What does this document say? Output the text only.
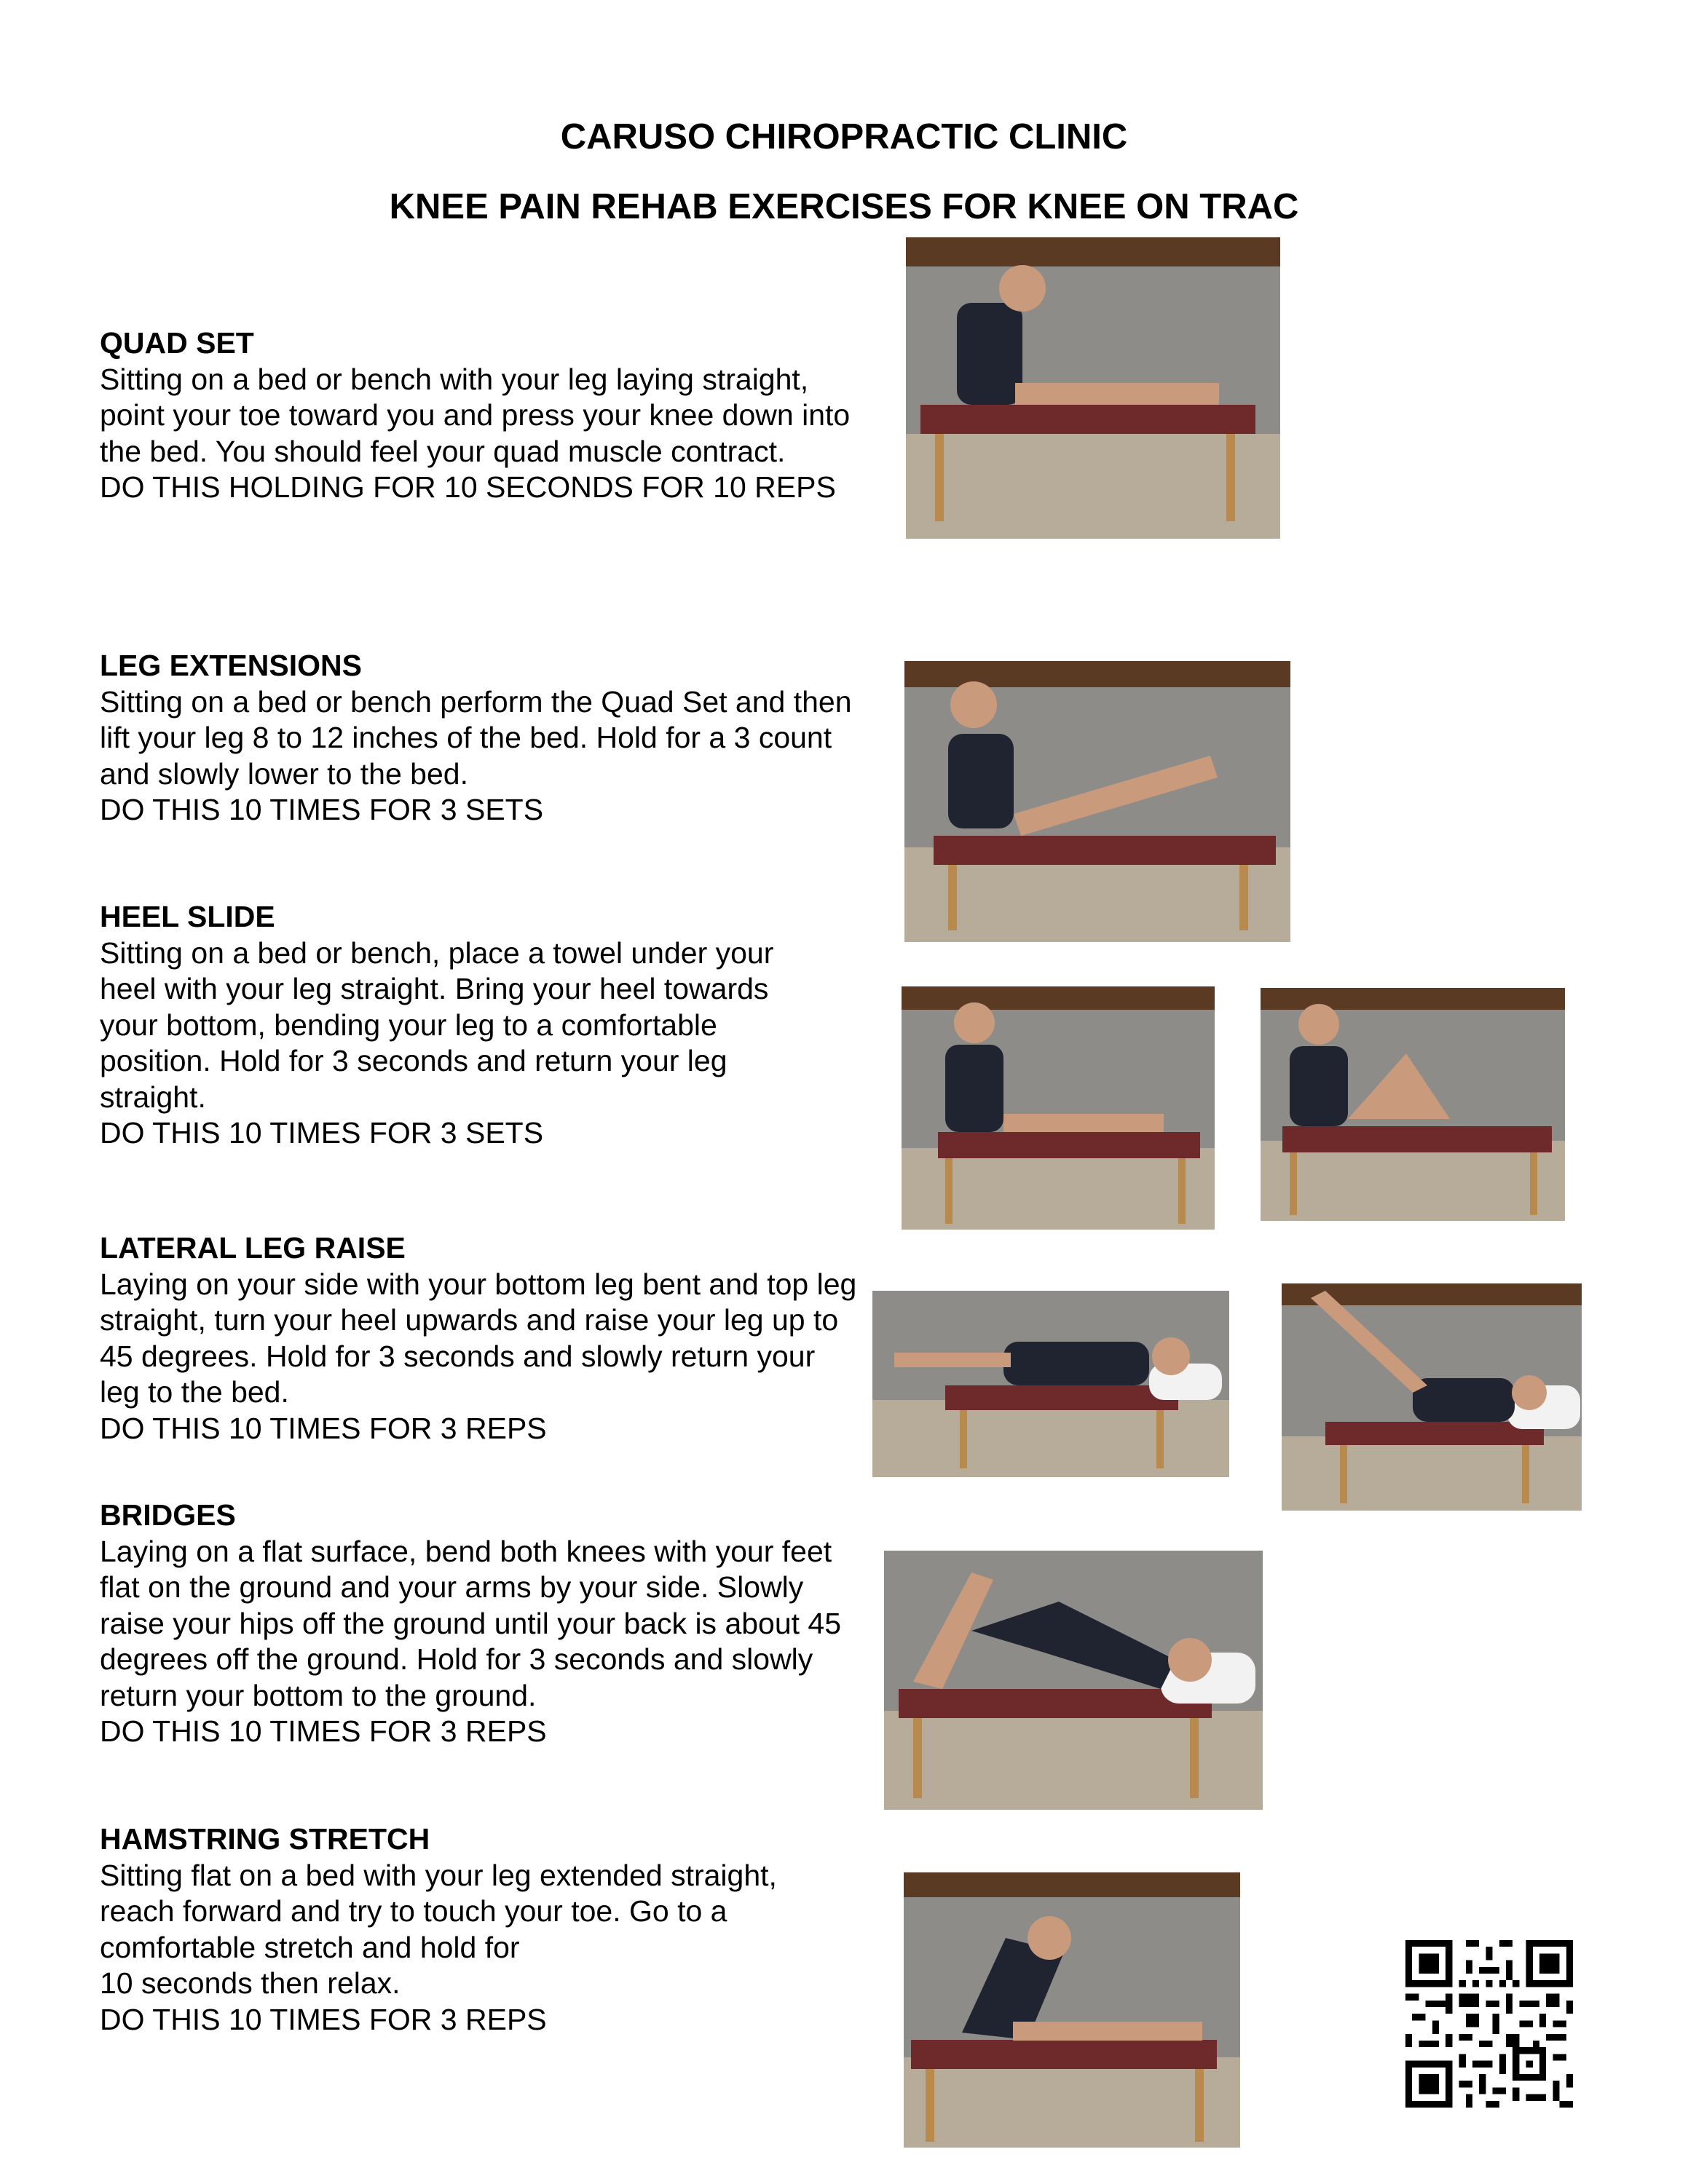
CARUSO CHIROPRACTIC CLINIC
KNEE PAIN REHAB EXERCISES FOR KNEE ON TRAC
QUAD SET
Sitting on a bed or bench with your leg laying straight, point your toe toward you and press your knee down into the bed. You should feel your quad muscle contract.
DO THIS HOLDING FOR 10 SECONDS FOR 10 REPS
LEG EXTENSIONS
Sitting on a bed or bench perform the Quad Set and then lift your leg 8 to 12 inches of the bed. Hold for a 3 count and slowly lower to the bed.
DO THIS 10 TIMES FOR 3 SETS
HEEL SLIDE
Sitting on a bed or bench, place a towel under your heel with your leg straight. Bring your heel towards your bottom, bending your leg to a comfortable position. Hold for 3 seconds and return your leg straight.
DO THIS 10 TIMES FOR 3 SETS
LATERAL LEG RAISE
Laying on your side with your bottom leg bent and top leg straight, turn your heel upwards and raise your leg up to 45 degrees. Hold for 3 seconds and slowly return your leg to the bed.
DO THIS 10 TIMES FOR 3 REPS
BRIDGES
Laying on a flat surface, bend both knees with your feet flat on the ground and your arms by your side. Slowly raise your hips off the ground until your back is about 45 degrees off the ground. Hold for 3 seconds and slowly return your bottom to the ground.
DO THIS 10 TIMES FOR 3 REPS
HAMSTRING STRETCH
Sitting flat on a bed with your leg extended straight, reach forward and try to touch your toe. Go to a comfortable stretch and hold for
10 seconds then relax.
DO THIS 10 TIMES FOR 3 REPS
